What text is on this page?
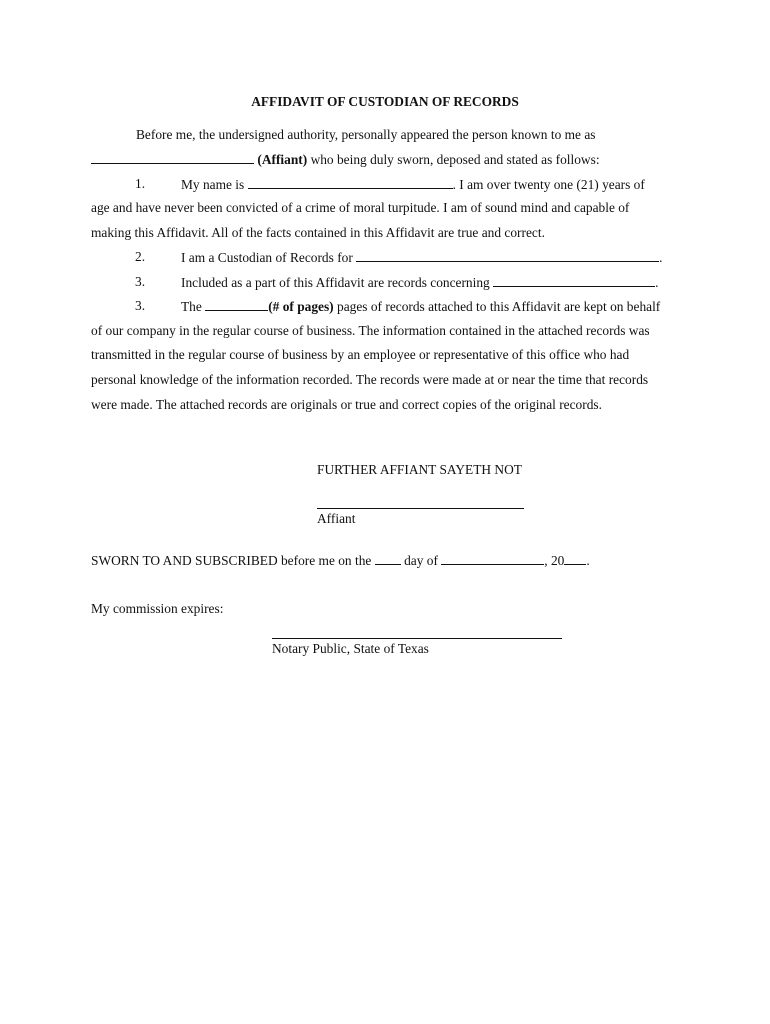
AFFIDAVIT OF CUSTODIAN OF RECORDS
Before me, the undersigned authority, personally appeared the person known to me as
(Affiant) who being duly sworn, deposed and stated as follows:
1.	My name is	. I am over twenty one (21) years of
age and have never been convicted of a crime of moral turpitude. I am of sound mind and capable of
making this Affidavit. All of the facts contained in this Affidavit are true and correct.
2.	I am a Custodian of Records for	.
3.	Included as a part of this Affidavit are records concerning	.
3.	The	(# of pages) pages of records attached to this Affidavit are kept on behalf
of our company in the regular course of business. The information contained in the attached records was
transmitted in the regular course of business by an employee or representative of this office who had
personal knowledge of the information recorded. The records were made at or near the time that records
were made. The attached records are originals or true and correct copies of the original records.
FURTHER AFFIANT SAYETH NOT
Affiant
SWORN TO AND SUBSCRIBED before me on the day of	, 20 .
My commission expires:
Notary Public, State of Texas
